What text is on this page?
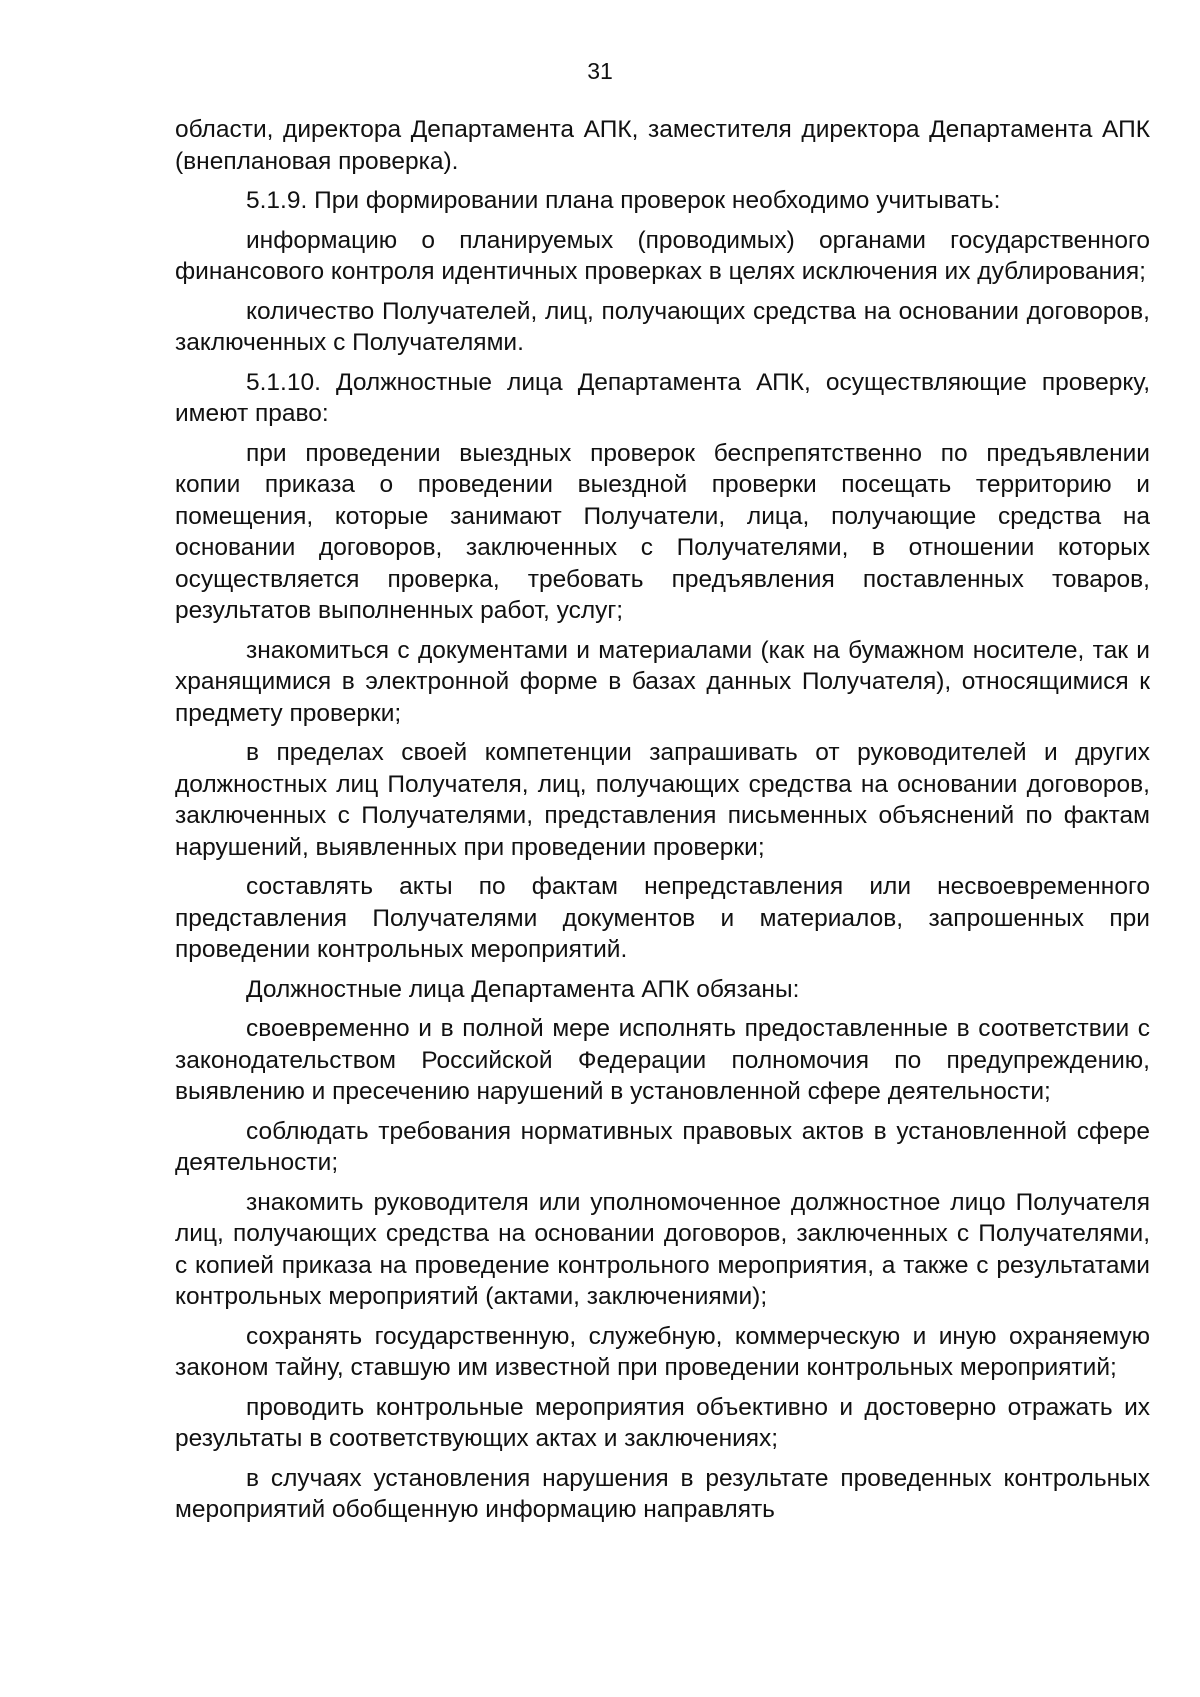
31

области, директора Департамента АПК, заместителя директора Департамента АПК (внеплановая проверка).

5.1.9. При формировании плана проверок необходимо учитывать:

информацию о планируемых (проводимых) органами государственного финансового контроля идентичных проверках в целях исключения их дублирования;

количество Получателей, лиц, получающих средства на основании договоров, заключенных с Получателями.

5.1.10. Должностные лица Департамента АПК, осуществляющие проверку, имеют право:

при проведении выездных проверок беспрепятственно по предъявлении копии приказа о проведении выездной проверки посещать территорию и помещения, которые занимают Получатели, лица, получающие средства на основании договоров, заключенных с Получателями, в отношении которых осуществляется проверка, требовать предъявления поставленных товаров, результатов выполненных работ, услуг;

знакомиться с документами и материалами (как на бумажном носителе, так и хранящимися в электронной форме в базах данных Получателя), относящимися к предмету проверки;

в пределах своей компетенции запрашивать от руководителей и других должностных лиц Получателя, лиц, получающих средства на основании договоров, заключенных с Получателями, представления письменных объяснений по фактам нарушений, выявленных при проведении проверки;

составлять акты по фактам непредставления или несвоевременного представления Получателями документов и материалов, запрошенных при проведении контрольных мероприятий.

Должностные лица Департамента АПК обязаны:

своевременно и в полной мере исполнять предоставленные в соответствии с законодательством Российской Федерации полномочия по предупреждению, выявлению и пресечению нарушений в установленной сфере деятельности;

соблюдать требования нормативных правовых актов в установленной сфере деятельности;

знакомить руководителя или уполномоченное должностное лицо Получателя лиц, получающих средства на основании договоров, заключенных с Получателями, с копией приказа на проведение контрольного мероприятия, а также с результатами контрольных мероприятий (актами, заключениями);

сохранять государственную, служебную, коммерческую и иную охраняемую законом тайну, ставшую им известной при проведении контрольных мероприятий;

проводить контрольные мероприятия объективно и достоверно отражать их результаты в соответствующих актах и заключениях;

в случаях установления нарушения в результате проведенных контрольных мероприятий обобщенную информацию направлять
